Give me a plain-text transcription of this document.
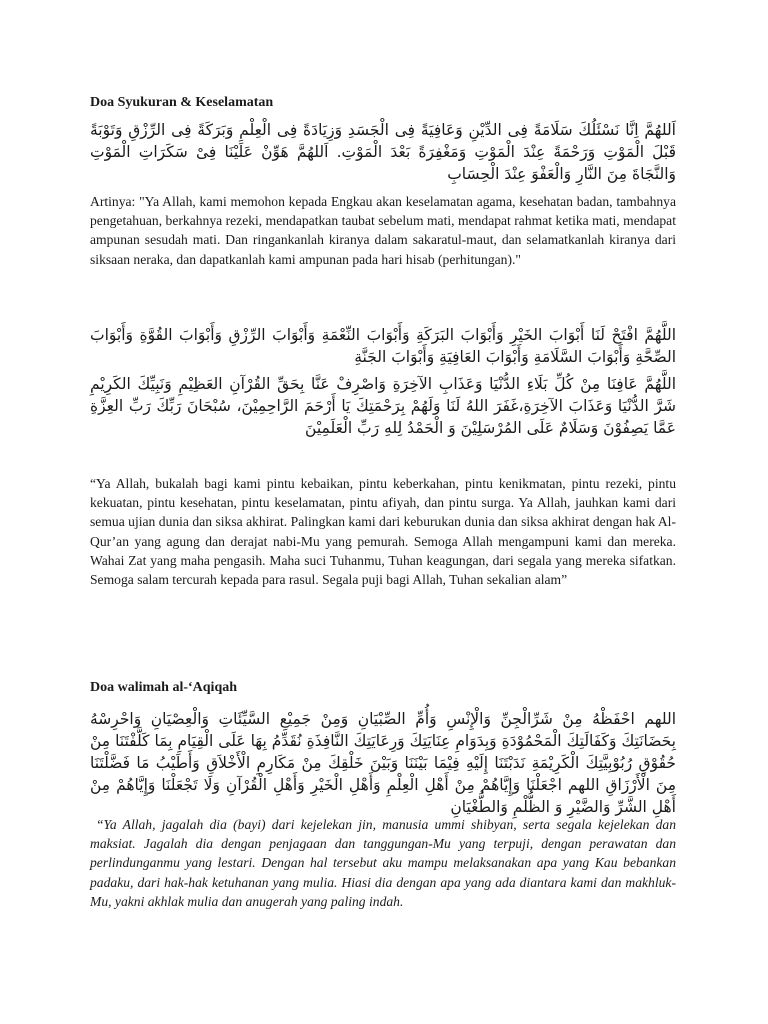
Doa Syukuran & Keselamatan

اَللهُمَّ اِنَّا نَسْئَلُكَ سَلَامَةً فِى الدِّيْنِ وَعَافِيَةً فِى الْجَسَدِ وَزِيَادَةً فِى الْعِلْمِ وَبَرَكَةً فِى الرِّزْقِ وَتَوْبَةً قَبْلَ الْمَوْتِ وَرَحْمَةً عِنْدَ الْمَوْتِ وَمَغْفِرَةً بَعْدَ الْمَوْتِ. اَللهُمَّ هَوِّنْ عَلَيْنَا فِىْ سَكَرَاتِ الْمَوْتِ وَالنَّجَاةَ مِنَ النَّارِ وَالْعَفْوَ عِنْدَ الْحِسَابِ

Artinya: "Ya Allah, kami memohon kepada Engkau akan keselamatan agama, kesehatan badan, tambahnya pengetahuan, berkahnya rezeki, mendapatkan taubat sebelum mati, mendapat rahmat ketika mati, mendapat ampunan sesudah mati. Dan ringankanlah kiranya dalam sakaratul-maut, dan selamatkanlah kiranya dari siksaan neraka, dan dapatkanlah kami ampunan pada hari hisab (perhitungan)."

اللَّهُمَّ افْتَحْ لَنَا أَبْوَابَ الخَيْرِ وَأَبْوَابَ البَرَكَةِ وَأَبْوَابَ النِّعْمَةِ وَأَبْوَابَ الرِّزْقِ وَأَبْوَابَ القُوَّةِ وَأَبْوَابَ الصِّحَّةِ وَأَبْوَابَ السَّلَامَةِ وَأَبْوَابَ العَافِيَةِ وَأَبْوَابَ الجَنَّةِ

اللَّهُمَّ عَافِنَا مِنْ كُلِّ بَلَاءِ الدُّنْيَا وَعَذَابِ الآخِرَةِ وَاصْرِفْ عَنَّا بِحَقِّ القُرْآنِ العَظِيْمِ وَنَبِيِّكَ الكَرِيْمِ شَرَّ الدُّنْيَا وَعَذَابَ الآخِرَةِ،غَفَرَ اللهُ لَنَا وَلَهُمْ بِرَحْمَتِكَ يَا أَرْحَمَ الرَّاحِمِيْنَ، سُبْحَانَ رَبِّكَ رَبِّ العِزَّةِ عَمَّا يَصِفُوْنَ وَسَلَامٌ عَلَى المُرْسَلِيْنَ وَ الْحَمْدُ لِلهِ رَبِّ الْعَلَمِيْنَ

“Ya Allah, bukalah bagi kami pintu kebaikan, pintu keberkahan, pintu kenikmatan, pintu rezeki, pintu kekuatan, pintu kesehatan, pintu keselamatan, pintu afiyah, dan pintu surga. Ya Allah, jauhkan kami dari semua ujian dunia dan siksa akhirat. Palingkan kami dari keburukan dunia dan siksa akhirat dengan hak Al-Qur’an yang agung dan derajat nabi-Mu yang pemurah. Semoga Allah mengampuni kami dan mereka. Wahai Zat yang maha pengasih. Maha suci Tuhanmu, Tuhan keagungan, dari segala yang mereka sifatkan. Semoga salam tercurah kepada para rasul. Segala puji bagi Allah, Tuhan sekalian alam”

Doa walimah al-‘Aqiqah

اللهم احْفَظْهُ مِنْ شَرِّالْجِنِّ وَالْإِنْسِ وَأُمِّ الصِّبْيَانِ وَمِنْ جَمِيْعِ السَّيِّئَاتِ وَالْعِصْيَانِ وَاحْرِسْهُ بِحَضَانَتِكَ وَكَفَالَتِكَ الْمَحْمُوْدَةِ وَبِدَوَامِ عِنَايَتِكَ وَرِعَايَتِكَ النَّافِذَةِ نُقَدِّمُ بِهَا عَلَى الْقِيَامِ بِمَا كَلَّفْتَنَا مِنْ حُقُوْقِ رُبُوْبِيَّتِكَ الْكَرِيْمَةِ نَدَبْتَنَا إِلَيْهِ فِيْمَا بَيْنَنَا وَبَيْنَ خَلْقِكَ مِنْ مَكَارِمِ الْأَخْلاَقِ وَأَطَيْبُ مَا فَضَّلْتَنَا مِنَ الْأَرْزَاقِ اللهم اجْعَلْنَا وَإِيَّاهُمْ مِنْ أَهْلِ الْعِلْمِ وَأَهْلِ الْخَيْرِ وَأَهْلِ الْقُرْآنِ وَلَا تَجْعَلْنَا وَإِيَّاهُمْ مِنْ أَهْلِ الشَّرِّ وَالضَّيْرِ وَ الظُّلْمِ وَالطُّغْيَانِ

“Ya Allah, jagalah dia (bayi) dari kejelekan jin, manusia ummi shibyan, serta segala kejelekan dan maksiat. Jagalah dia dengan penjagaan dan tanggungan-Mu yang terpuji, dengan perawatan dan perlindunganmu yang lestari. Dengan hal tersebut aku mampu melaksanakan apa yang Kau bebankan padaku, dari hak-hak ketuhanan yang mulia. Hiasi dia dengan apa yang ada diantara kami dan makhluk-Mu, yakni akhlak mulia dan anugerah yang paling indah.
